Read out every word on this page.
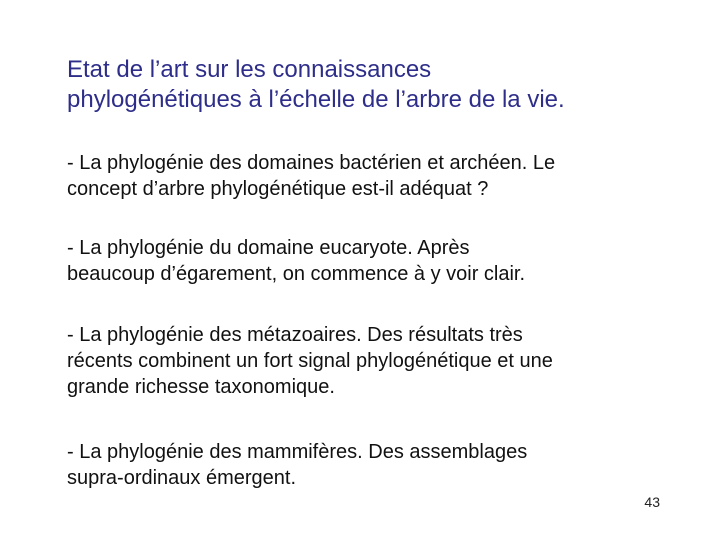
Etat de l’art sur les connaissances
phylogénétiques à l’échelle de l’arbre de la vie.

- La phylogénie des domaines bactérien et archéen. Le
concept d’arbre phylogénétique est-il adéquat ?

- La phylogénie du domaine eucaryote. Après
beaucoup d’égarement, on commence à y voir clair.

- La phylogénie des métazoaires. Des résultats très
récents combinent un fort signal phylogénétique et une
grande richesse taxonomique.

- La phylogénie des mammifères. Des assemblages
supra-ordinaux émergent.

43
